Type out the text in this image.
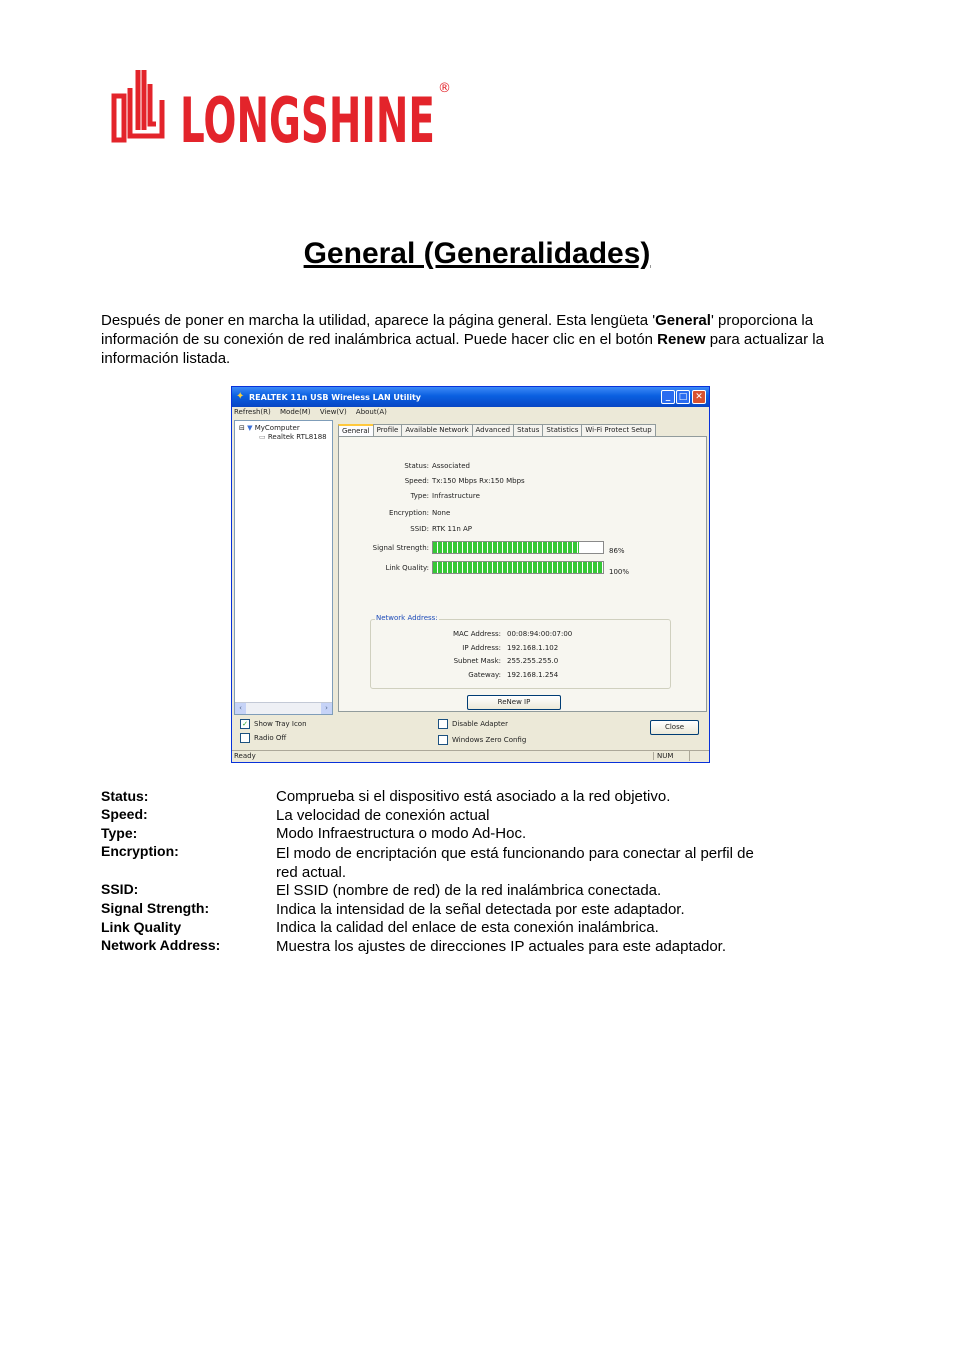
LONGSHINE ®
General (Generalidades)
Después de poner en marcha la utilidad, aparece la página general. Esta lengüeta 'General' proporciona la información de su conexión de red inalámbrica actual. Puede hacer clic en el botón Renew para actualizar la información listada.
✦ REALTEK 11n USB Wireless LAN Utility	_ □ ✕
Refresh(R) Mode(M) View(V) About(A)
⊟ ▼ MyComputer
▭ Realtek RTL8188
‹	›
General	Profile	Available Network	Advanced	Status	Statistics	Wi-Fi Protect Setup
Status: Associated
Speed: Tx:150 Mbps Rx:150 Mbps
Type: Infrastructure
Encryption: None
SSID: RTK 11n AP
Signal Strength:	86%
Link Quality:	100%
Network Address:
MAC Address: 00:08:94:00:07:00
IP Address: 192.168.1.102
Subnet Mask: 255.255.255.0
Gateway: 192.168.1.254
ReNew IP
✓ Show Tray Icon
Radio Off
Disable Adapter
Windows Zero Config
Close
Ready	NUM
Status:	Comprueba si el dispositivo está asociado a la red objetivo.
Speed:	La velocidad de conexión actual
Type:	Modo Infraestructura o modo Ad-Hoc.
Encryption:	El modo de encriptación que está funcionando para conectar al perfil de red actual.
SSID:	El SSID (nombre de red) de la red inalámbrica conectada.
Signal Strength:	Indica la intensidad de la señal detectada por este adaptador.
Link Quality	Indica la calidad del enlace de esta conexión inalámbrica.
Network Address:	Muestra los ajustes de direcciones IP actuales para este adaptador.
